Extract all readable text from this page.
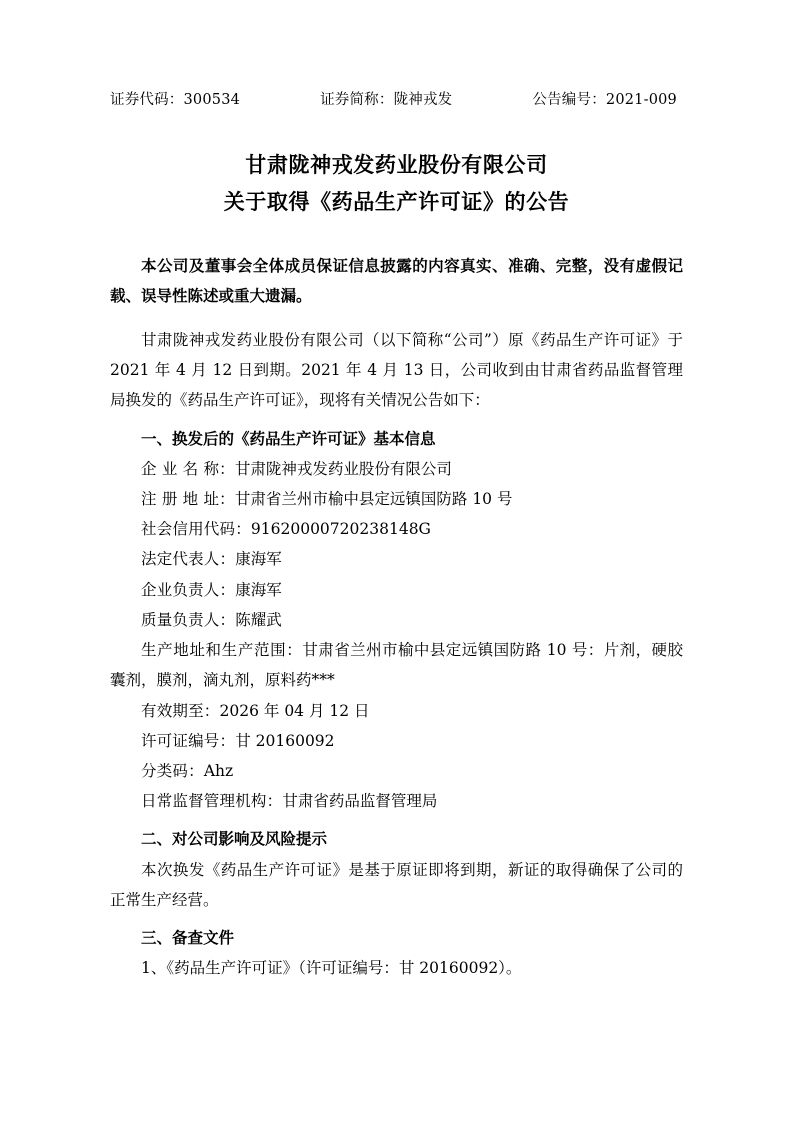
证券代码：300534	证券简称：陇神戎发	公告编号：2021-009
甘肃陇神戎发药业股份有限公司
关于取得《药品生产许可证》的公告
本公司及董事会全体成员保证信息披露的内容真实、准确、完整，没有虚假记载、误导性陈述或重大遗漏。
甘肃陇神戎发药业股份有限公司（以下简称“公司”）原《药品生产许可证》于 2021 年 4 月 12 日到期。2021 年 4 月 13 日，公司收到由甘肃省药品监督管理局换发的《药品生产许可证》，现将有关情况公告如下：
一、换发后的《药品生产许可证》基本信息
企 业 名 称：甘肃陇神戎发药业股份有限公司
注 册 地 址：甘肃省兰州市榆中县定远镇国防路 10 号
社会信用代码：91620000720238148G
法定代表人：康海军
企业负责人：康海军
质量负责人：陈耀武
生产地址和生产范围：甘肃省兰州市榆中县定远镇国防路 10 号：片剂，硬胶囊剂，膜剂，滴丸剂，原料药***
有效期至：2026 年 04 月 12 日
许可证编号：甘 20160092
分类码：Ahz
日常监督管理机构：甘肃省药品监督管理局
二、对公司影响及风险提示
本次换发《药品生产许可证》是基于原证即将到期，新证的取得确保了公司的正常生产经营。
三、备查文件
1、《药品生产许可证》（许可证编号：甘 20160092）。
